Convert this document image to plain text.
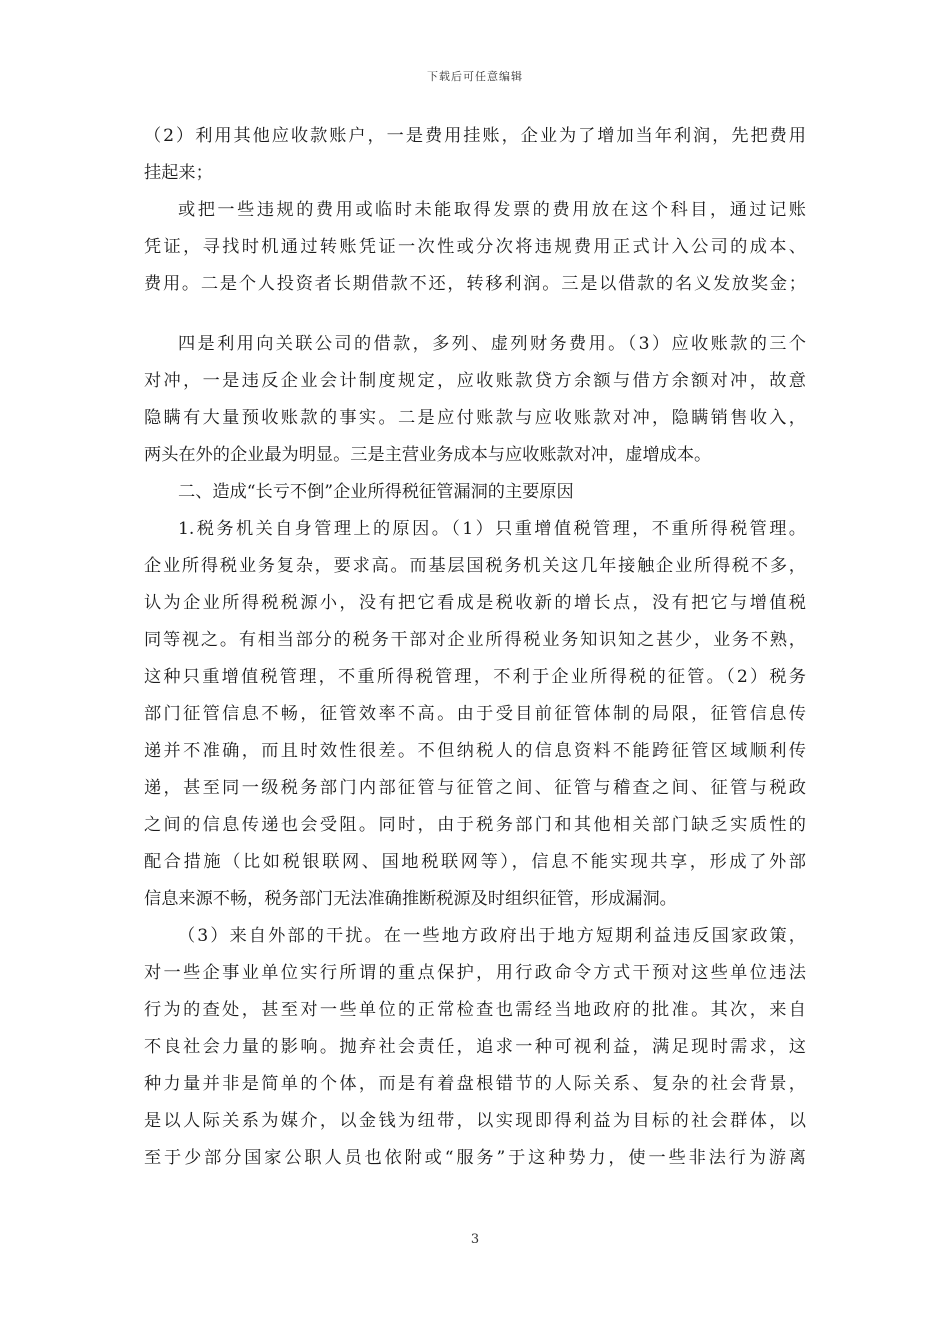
下载后可任意编辑
（2）利用其他应收款账户，一是费用挂账，企业为了增加当年利润，先把费用
挂起来；
或把一些违规的费用或临时未能取得发票的费用放在这个科目，通过记账
凭证，寻找时机通过转账凭证一次性或分次将违规费用正式计入公司的成本、
费用。二是个人投资者长期借款不还，转移利润。三是以借款的名义发放奖金；
四是利用向关联公司的借款，多列、虚列财务费用。（3）应收账款的三个
对冲，一是违反企业会计制度规定，应收账款贷方余额与借方余额对冲，故意
隐瞒有大量预收账款的事实。二是应付账款与应收账款对冲，隐瞒销售收入，
两头在外的企业最为明显。三是主营业务成本与应收账款对冲，虚增成本。
二、造成“长亏不倒”企业所得税征管漏洞的主要原因
1.税务机关自身管理上的原因。（1）只重增值税管理，不重所得税管理。
企业所得税业务复杂，要求高。而基层国税务机关这几年接触企业所得税不多，
认为企业所得税税源小，没有把它看成是税收新的增长点，没有把它与增值税
同等视之。有相当部分的税务干部对企业所得税业务知识知之甚少，业务不熟，
这种只重增值税管理，不重所得税管理，不利于企业所得税的征管。（2）税务
部门征管信息不畅，征管效率不高。由于受目前征管体制的局限，征管信息传
递并不准确，而且时效性很差。不但纳税人的信息资料不能跨征管区域顺利传
递，甚至同一级税务部门内部征管与征管之间、征管与稽查之间、征管与税政
之间的信息传递也会受阻。同时，由于税务部门和其他相关部门缺乏实质性的
配合措施（比如税银联网、国地税联网等），信息不能实现共享，形成了外部
信息来源不畅，税务部门无法准确推断税源及时组织征管，形成漏洞。
（3）来自外部的干扰。在一些地方政府出于地方短期利益违反国家政策，
对一些企事业单位实行所谓的重点保护，用行政命令方式干预对这些单位违法
行为的查处，甚至对一些单位的正常检查也需经当地政府的批准。其次，来自
不良社会力量的影响。抛弃社会责任，追求一种可视利益，满足现时需求，这
种力量并非是简单的个体，而是有着盘根错节的人际关系、复杂的社会背景，
是以人际关系为媒介，以金钱为纽带，以实现即得利益为目标的社会群体，以
至于少部分国家公职人员也依附或“服务”于这种势力，使一些非法行为游离
3
